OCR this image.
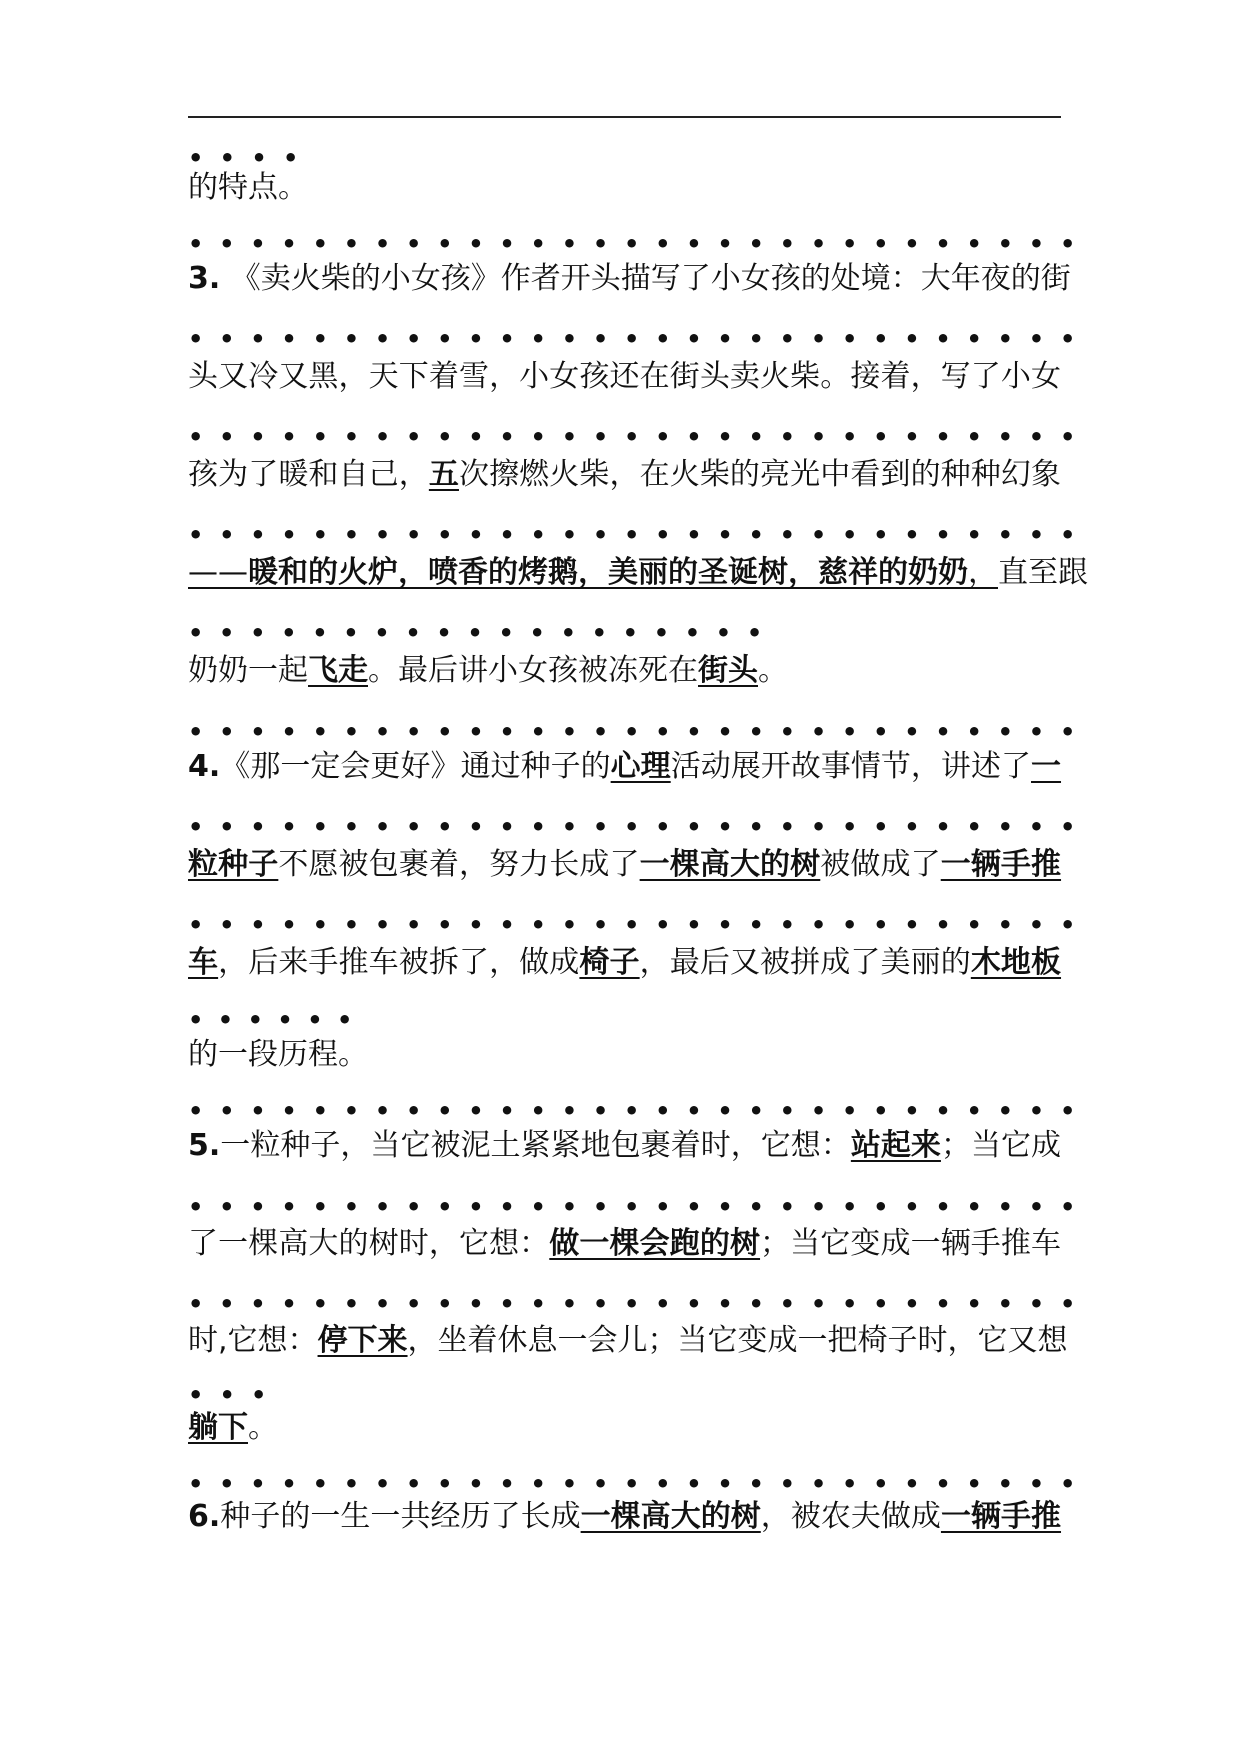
• • • •
的特点。
• • • • • • • • • • • • • • • • • • • • • • • • • • • • •
3. 《卖火柴的小女孩》作者开头描写了小女孩的处境：大年夜的街
• • • • • • • • • • • • • • • • • • • • • • • • • • • • •
头又冷又黑，天下着雪，小女孩还在街头卖火柴。接着，写了小女
• • • • • • • • • • • • • • • • • • • • • • • • • • • • •
孩为了暖和自己，五次擦燃火柴，在火柴的亮光中看到的种种幻象
• • • • • • • • • • • • • • • • • • • • • • • • • • • • •
——暖和的火炉，喷香的烤鹅，美丽的圣诞树，慈祥的奶奶，直至跟
• • • • • • • • • • • • • • • • • • •
奶奶一起飞走。最后讲小女孩被冻死在街头。
• • • • • • • • • • • • • • • • • • • • • • • • • • • • •
4.《那一定会更好》通过种子的心理活动展开故事情节，讲述了一
• • • • • • • • • • • • • • • • • • • • • • • • • • • • •
粒种子不愿被包裹着，努力长成了一棵高大的树被做成了一辆手推
• • • • • • • • • • • • • • • • • • • • • • • • • • • • •
车，后来手推车被拆了，做成椅子，最后又被拼成了美丽的木地板
• • • • • •
的一段历程。
• • • • • • • • • • • • • • • • • • • • • • • • • • • • •
5.一粒种子，当它被泥土紧紧地包裹着时，它想：站起来；当它成
• • • • • • • • • • • • • • • • • • • • • • • • • • • • •
了一棵高大的树时，它想：做一棵会跑的树；当它变成一辆手推车
• • • • • • • • • • • • • • • • • • • • • • • • • • • • •
时,它想：停下来，坐着休息一会儿；当它变成一把椅子时，它又想
• • •
躺下。
• • • • • • • • • • • • • • • • • • • • • • • • • • • • •
6.种子的一生一共经历了长成一棵高大的树，被农夫做成一辆手推
